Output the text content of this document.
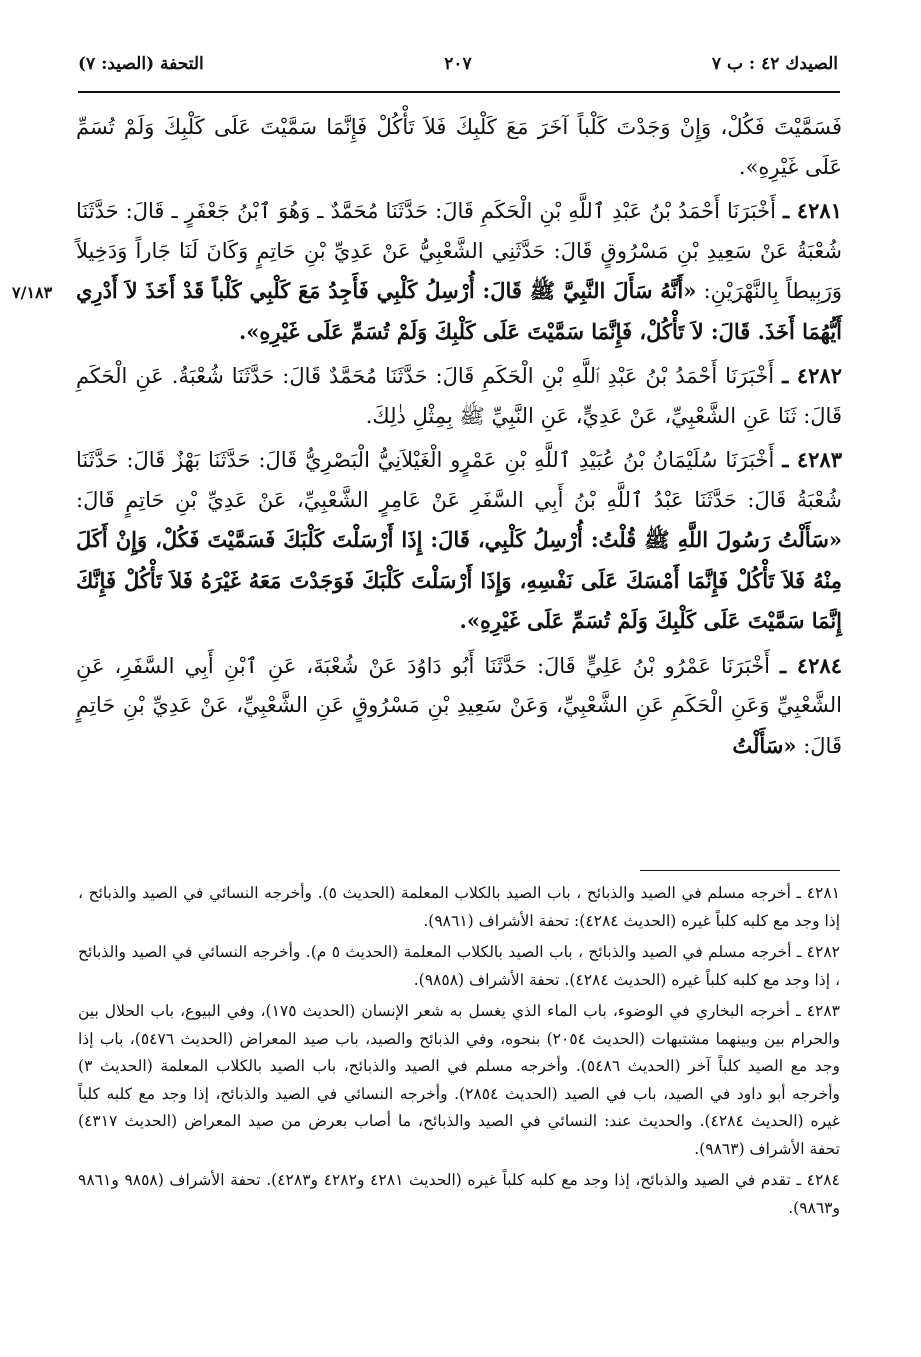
الصيدك ٤٢ : ب ٧
٢٠٧
التحفة (الصيد: ٧)
٧/١٨٣

فَسَمَّيْتَ فَكُلْ، وَإِنْ وَجَدْتَ كَلْباً آخَرَ مَعَ كَلْبِكَ فَلاَ تَأْكُلْ فَإِنَّمَا سَمَّيْتَ عَلَى كَلْبِكَ وَلَمْ تُسَمِّ عَلَى غَيْرِهِ».

٤٢٨١ ـ أَخْبَرَنَا أَحْمَدُ بْنُ عَبْدِ ٱللَّهِ بْنِ الْحَكَمِ قَالَ: حَدَّثَنَا مُحَمَّدٌ ـ وَهُوَ ٱبْنُ جَعْفَرٍ ـ قَالَ: حَدَّثَنَا شُعْبَةُ عَنْ سَعِيدِ بْنِ مَسْرُوقٍ قَالَ: حَدَّثَنِي الشَّعْبِيُّ عَنْ عَدِيِّ بْنِ حَاتِمٍ وَكَانَ لَنَا جَاراً وَدَخِيلاً وَرَبِيطاً بِالنَّهْرَيْنِ: «أَنَّهُ سَأَلَ النَّبِيَّ ﷺ قَالَ: أُرْسِلُ كَلْبِي فَأَجِدُ مَعَ كَلْبِي كَلْباً قَدْ أَخَذَ لاَ أَدْرِي أَيُّهُمَا أَخَذَ. قَالَ: لاَ تَأْكُلْ، فَإِنَّمَا سَمَّيْتَ عَلَى كَلْبِكَ وَلَمْ تُسَمِّ عَلَى غَيْرِهِ».

٤٢٨٢ ـ أَخْبَرَنَا أَحْمَدُ بْنُ عَبْدِ ٱللَّهِ بْنِ الْحَكَمِ قَالَ: حَدَّثَنَا مُحَمَّدٌ قَالَ: حَدَّثَنَا شُعْبَةُ. عَنِ الْحَكَمِ قَالَ: ثَنَا عَنِ الشَّعْبِيِّ، عَنْ عَدِيٍّ، عَنِ النَّبِيِّ ﷺ بِمِثْلِ ذٰلِكَ.

٤٢٨٣ ـ أَخْبَرَنَا سُلَيْمَانُ بْنُ عُبَيْدِ ٱللَّهِ بْنِ عَمْرٍو الْغَيْلاَنِيُّ الْبَصْرِيُّ قَالَ: حَدَّثَنَا بَهْزٌ قَالَ: حَدَّثَنَا شُعْبَةُ قَالَ: حَدَّثَنَا عَبْدُ ٱللَّهِ بْنُ أَبِي السَّفَرِ عَنْ عَامِرٍ الشَّعْبِيِّ، عَنْ عَدِيِّ بْنِ حَاتِمٍ قَالَ: «سَأَلْتُ رَسُولَ اللَّهِ ﷺ قُلْتُ: أُرْسِلُ كَلْبِي، قَالَ: إِذَا أَرْسَلْتَ كَلْبَكَ فَسَمَّيْتَ فَكُلْ، وَإِنْ أَكَلَ مِنْهُ فَلاَ تَأْكُلْ فَإِنَّمَا أَمْسَكَ عَلَى نَفْسِهِ، وَإِذَا أَرْسَلْتَ كَلْبَكَ فَوَجَدْتَ مَعَهُ غَيْرَهُ فَلاَ تَأْكُلْ فَإِنَّكَ إِنَّمَا سَمَّيْتَ عَلَى كَلْبِكَ وَلَمْ تُسَمِّ عَلَى غَيْرِهِ».

٤٢٨٤ ـ أَخْبَرَنَا عَمْرُو بْنُ عَلِيٍّ قَالَ: حَدَّثَنَا أَبُو دَاوُدَ عَنْ شُعْبَةَ، عَنِ ٱبْنِ أَبِي السَّفَرِ، عَنِ الشَّعْبِيِّ وَعَنِ الْحَكَمِ عَنِ الشَّعْبِيِّ، وَعَنْ سَعِيدِ بْنِ مَسْرُوقٍ عَنِ الشَّعْبِيِّ، عَنْ عَدِيِّ بْنِ حَاتِمٍ قَالَ: «سَأَلْتُ

٤٢٨١ ـ أخرجه مسلم في الصيد والذبائح ، باب الصيد بالكلاب المعلمة (الحديث ٥). وأخرجه النسائي في الصيد والذبائح ، إذا وجد مع كلبه كلباً غيره (الحديث ٤٢٨٤): تحفة الأشراف (٩٨٦١).

٤٢٨٢ ـ أخرجه مسلم في الصيد والذبائح ، باب الصيد بالكلاب المعلمة (الحديث ٥ م). وأخرجه النسائي في الصيد والذبائح ، إذا وجد مع كلبه كلباً غيره (الحديث ٤٢٨٤). تحفة الأشراف (٩٨٥٨).

٤٢٨٣ ـ أخرجه البخاري في الوضوء، باب الماء الذي يغسل به شعر الإنسان (الحديث ١٧٥)، وفي البيوع، باب الحلال بين والحرام بين وبينهما مشتبهات (الحديث ٢٠٥٤) بنحوه، وفي الذبائح والصيد، باب صيد المعراض (الحديث ٥٤٧٦)، باب إذا وجد مع الصيد كلباً آخر (الحديث ٥٤٨٦). وأخرجه مسلم في الصيد والذبائح، باب الصيد بالكلاب المعلمة (الحديث ٣) وأخرجه أبو داود في الصيد، باب في الصيد (الحديث ٢٨٥٤). وأخرجه النسائي في الصيد والذبائح، إذا وجد مع كلبه كلباً غيره (الحديث ٤٢٨٤). والحديث عند: النسائي في الصيد والذبائح، ما أصاب بعرض من صيد المعراض (الحديث ٤٣١٧) تحفة الأشراف (٩٨٦٣).

٤٢٨٤ ـ تقدم في الصيد والذبائح، إذا وجد مع كلبه كلباً غيره (الحديث ٤٢٨١ و٤٢٨٢ و٤٢٨٣). تحفة الأشراف (٩٨٥٨ و٩٨٦١ و٩٨٦٣).
